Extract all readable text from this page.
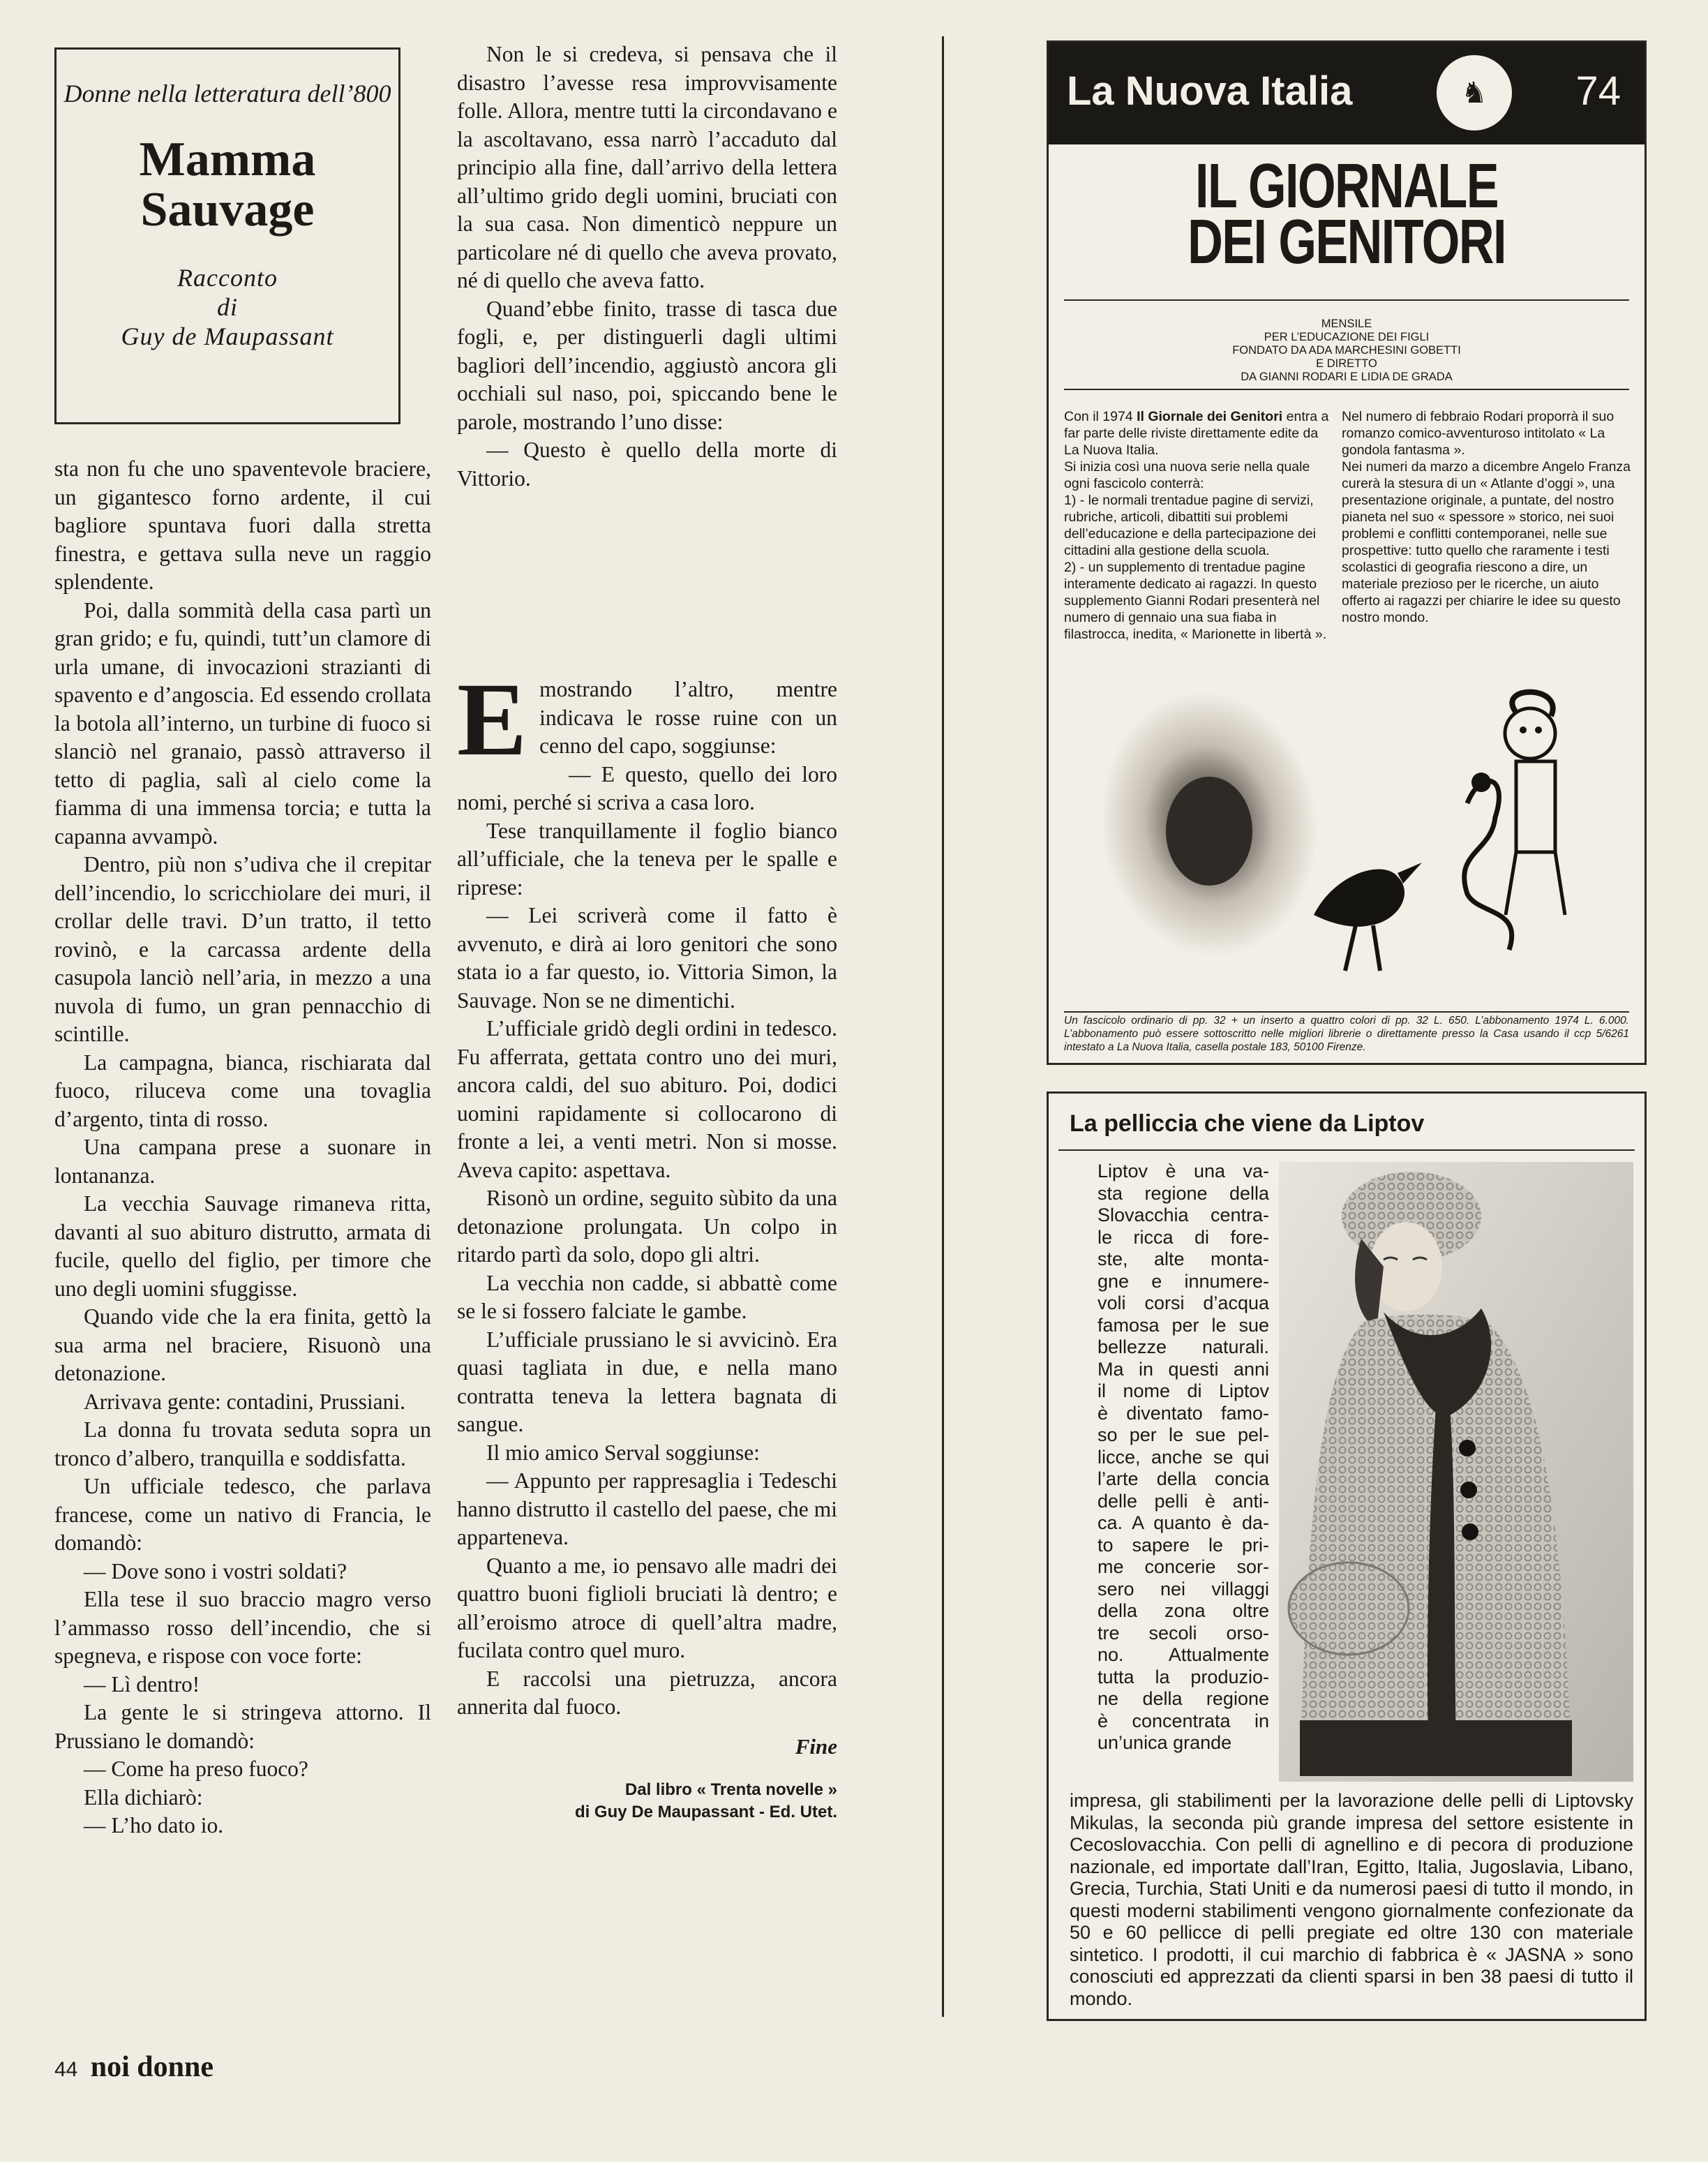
Donne nella letteratura dell’800
Mamma
Sauvage
Racconto
di
Guy de Maupassant

sta non fu che uno spaventevole braciere, un gigantesco forno ardente, il cui bagliore spuntava fuori dalla stretta finestra, e gettava sulla neve un raggio splendente.

Poi, dalla sommità della casa partì un gran grido; e fu, quindi, tutt’un clamore di urla umane, di invocazioni strazianti di spavento e d’angoscia. Ed essendo crollata la botola all’interno, un turbine di fuoco si slanciò nel granaio, passò attraverso il tetto di paglia, salì al cielo come la fiamma di una immensa torcia; e tutta la capanna avvampò.

Dentro, più non s’udiva che il crepitar dell’incendio, lo scricchiolare dei muri, il crollar delle travi. D’un tratto, il tetto rovinò, e la carcassa ardente della casupola lanciò nell’aria, in mezzo a una nuvola di fumo, un gran pennacchio di scintille.

La campagna, bianca, rischiarata dal fuoco, riluceva come una tovaglia d’argento, tinta di rosso.

Una campana prese a suonare in lontananza.

La vecchia Sauvage rimaneva ritta, davanti al suo abituro distrutto, armata di fucile, quello del figlio, per timore che uno degli uomini sfuggisse.

Quando vide che la era finita, gettò la sua arma nel braciere, Risuonò una detonazione.

Arrivava gente: contadini, Prussiani.

La donna fu trovata seduta sopra un tronco d’albero, tranquilla e soddisfatta.

Un ufficiale tedesco, che parlava francese, come un nativo di Francia, le domandò:

— Dove sono i vostri soldati?

Ella tese il suo braccio magro verso l’ammasso rosso dell’incendio, che si spegneva, e rispose con voce forte:

— Lì dentro!

La gente le si stringeva attorno. Il Prussiano le domandò:

— Come ha preso fuoco?

Ella dichiarò:

— L’ho dato io.

Non le si credeva, si pensava che il disastro l’avesse resa improvvisamente folle. Allora, mentre tutti la circondavano e la ascoltavano, essa narrò l’accaduto dal principio alla fine, dall’arrivo della lettera all’ultimo grido degli uomini, bruciati con la sua casa. Non dimenticò neppure un particolare né di quello che aveva provato, né di quello che aveva fatto.

Quand’ebbe finito, trasse di tasca due fogli, e, per distinguerli dagli ultimi bagliori dell’incendio, aggiustò ancora gli occhiali sul naso, poi, spiccando bene le parole, mostrando l’uno disse:

— Questo è quello della morte di Vittorio.

E mostrando l’altro, mentre indicava le rosse ruine con un cenno del capo, soggiunse:

— E questo, quello dei loro nomi, perché si scriva a casa loro.

Tese tranquillamente il foglio bianco all’ufficiale, che la teneva per le spalle e riprese:

— Lei scriverà come il fatto è avvenuto, e dirà ai loro genitori che sono stata io a far questo, io. Vittoria Simon, la Sauvage. Non se ne dimentichi.

L’ufficiale gridò degli ordini in tedesco. Fu afferrata, gettata contro uno dei muri, ancora caldi, del suo abituro. Poi, dodici uomini rapidamente si collocarono di fronte a lei, a venti metri. Non si mosse. Aveva capito: aspettava.

Risonò un ordine, seguito sùbito da una detonazione prolungata. Un colpo in ritardo partì da solo, dopo gli altri.

La vecchia non cadde, si abbattè come se le si fossero falciate le gambe.

L’ufficiale prussiano le si avvicinò. Era quasi tagliata in due, e nella mano contratta teneva la lettera bagnata di sangue.

Il mio amico Serval soggiunse:

— Appunto per rappresaglia i Tedeschi hanno distrutto il castello del paese, che mi apparteneva.

Quanto a me, io pensavo alle madri dei quattro buoni figlioli bruciati là dentro; e all’eroismo atroce di quell’altra madre, fucilata contro quel muro.

E raccolsi una pietruzza, ancora annerita dal fuoco.

Fine
Dal libro « Trenta novelle »
di Guy De Maupassant - Ed. Utet.
La Nuova Italia	♞	74
IL GIORNALE
DEI GENITORI
MENSILE
PER L’EDUCAZIONE DEI FIGLI
FONDATO DA ADA MARCHESINI GOBETTI
E DIRETTO
DA GIANNI RODARI E LIDIA DE GRADA

Con il 1974 Il Giornale dei Genitori entra a far parte delle riviste direttamente edite da La Nuova Italia.

Si inizia così una nuova serie nella quale ogni fascicolo conterrà:

1) - le normali trentadue pagine di servizi, rubriche, articoli, dibattiti sui problemi dell’educazione e della partecipazione dei cittadini alla gestione della scuola.

2) - un supplemento di trentadue pagine interamente dedicato ai ragazzi. In questo supplemento Gianni Rodari presenterà nel numero di gennaio una sua fiaba in filastrocca, inedita, « Marionette in libertà ».

Nel numero di febbraio Rodari proporrà il suo romanzo comico-avventuroso intitolato « La gondola fantasma ».

Nei numeri da marzo a dicembre Angelo Franza curerà la stesura di un « Atlante d’oggi », una presentazione originale, a puntate, del nostro pianeta nel suo « spessore » storico, nei suoi problemi e conflitti contemporanei, nelle sue prospettive: tutto quello che raramente i testi scolastici di geografia riescono a dire, un materiale prezioso per le ricerche, un aiuto offerto ai ragazzi per chiarire le idee su questo nostro mondo.

Un fascicolo ordinario di pp. 32 + un inserto a quattro colori di pp. 32 L. 650. L’abbonamento 1974 L. 6.000. L’abbonamento può essere sottoscritto nelle migliori librerie o direttamente presso la Casa usando il ccp 5/6261 intestato a La Nuova Italia, casella postale 183, 50100 Firenze.
La pelliccia che viene da Liptov
Liptov è una va-
sta regione della
Slovacchia centra-
le ricca di fore-
ste, alte monta-
gne e innumere-
voli corsi d’acqua
famosa per le sue
bellezze naturali.
Ma in questi anni
il nome di Liptov
è diventato famo-
so per le sue pel-
licce, anche se qui
l’arte della concia
delle pelli è anti-
ca. A quanto è da-
to sapere le pri-
me concerie sor-
sero nei villaggi
della zona oltre
tre secoli orso-
no. Attualmente
tutta la produzio-
ne della regione
è concentrata in
un’unica grande

impresa, gli stabilimenti per la lavorazione delle pelli di Liptovsky Mikulas, la seconda più grande impresa del settore esistente in Cecoslovacchia. Con pelli di agnellino e di pecora di produzione nazionale, ed importate dall’Iran, Egitto, Italia, Jugoslavia, Libano, Grecia, Turchia, Stati Uniti e da numerosi paesi di tutto il mondo, in questi moderni stabilimenti vengono giornalmente confezionate da 50 e 60 pellicce di pelli pregiate ed oltre 130 con materiale sintetico. I prodotti, il cui marchio di fabbrica è « JASNA » sono conosciuti ed apprezzati da clienti sparsi in ben 38 paesi di tutto il mondo.

44 noi donne
